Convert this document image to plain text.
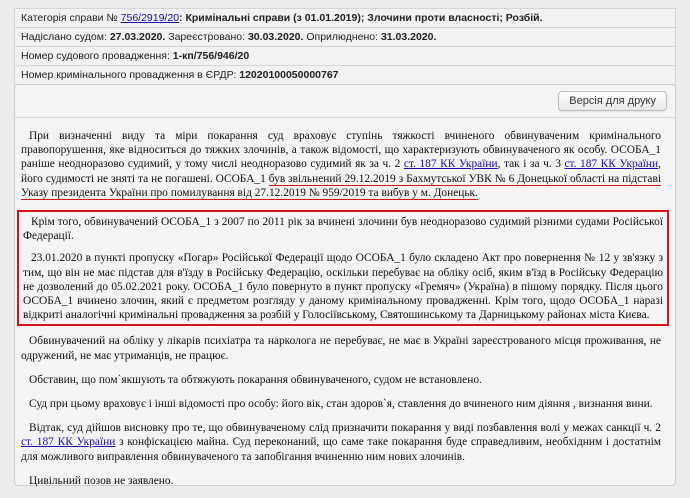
Категорія справи № 756/2919/20: Кримінальні справи (з 01.01.2019); Злочини проти власності; Розбій.
Надіслано судом: 27.03.2020. Зареєстровано: 30.03.2020. Оприлюднено: 31.03.2020.
Номер судового провадження: 1-кп/756/946/20
Номер кримінального провадження в ЄРДР: 12020100050000767
Версія для друку

При визначенні виду та міри покарання суд враховує ступінь тяжкості вчиненого обвинуваченим кримінального правопорушення, яке відноситься до тяжких злочинів, а також відомості, що характеризують обвинуваченого як особу. ОСОБА_1 раніше неодноразово судимий, у тому числі неодноразово судимий як за ч. 2 ст. 187 КК України, так і за ч. 3 ст. 187 КК України, його судимості не зняті та не погашені. ОСОБА_1 був звільнений 29.12.2019 з Бахмутської УВК № 6 Донецької області на підставі Указу президента України про помилування від 27.12.2019 № 959/2019 та вибув у м. Донецьк.

Крім того, обвинувачений ОСОБА_1 з 2007 по 2011 рік за вчинені злочини був неодноразово судимий різними судами Російської Федерації.

23.01.2020 в пункті пропуску «Погар» Російської Федерації щодо ОСОБА_1 було складено Акт про повернення № 12 у зв'язку з тим, що він не має підстав для в'їзду в Російську Федерацію, оскільки перебуває на обліку осіб, яким в'їзд в Російську Федерацію не дозволений до 05.02.2021 року. ОСОБА_1 було повернуто в пункт пропуску «Гремяч» (Україна) в пішому порядку. Після цього ОСОБА_1 вчинено злочин, який є предметом розгляду у даному кримінальному провадженні. Крім того, щодо ОСОБА_1 наразі відкриті аналогічні кримінальні провадження за розбій у Голосіївському, Святошинському та Дарницькому районах міста Києва.

Обвинувачений на обліку у лікарів психіатра та нарколога не перебуває, не має в Україні зареєстрованого місця проживання, не одружений, не має утриманців, не працює.

Обставин, що пом`якшують та обтяжують покарання обвинуваченого, судом не встановлено.

Суд при цьому враховує і інші відомості про особу: його вік, стан здоров`я, ставлення до вчиненого ним діяння , визнання вини.

Відтак, суд дійшов висновку про те, що обвинуваченому слід призначити покарання у виді позбавлення волі у межах санкції ч. 2 ст. 187 КК України з конфіскацією майна. Суд переконаний, що саме таке покарання буде справедливим, необхідним і достатнім для можливого виправлення обвинуваченого та запобігання вчиненню ним нових злочинів.

Цивільний позов не заявлено.
